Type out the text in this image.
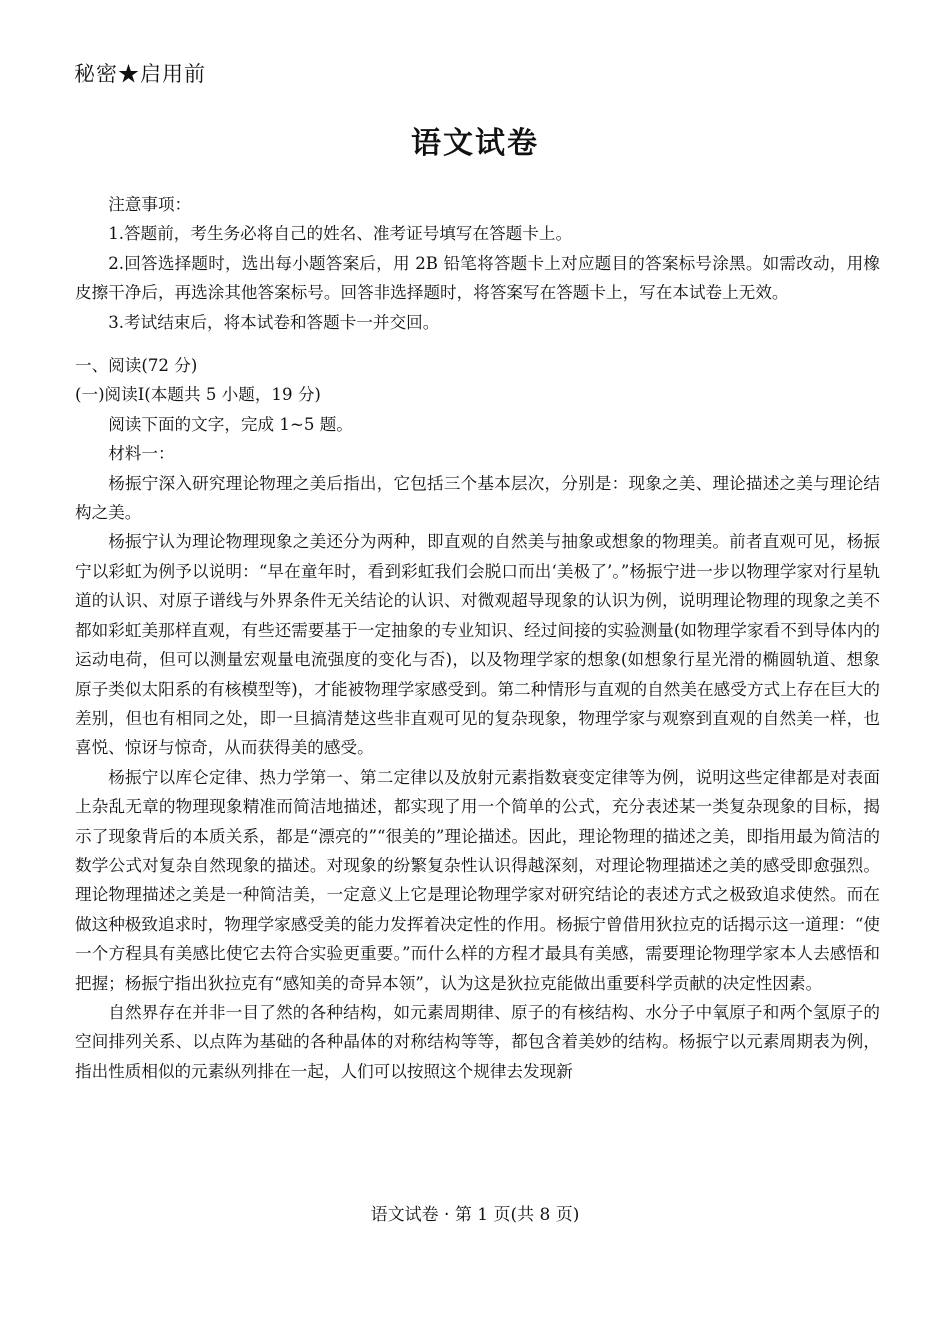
秘密★启用前
语文试卷

注意事项：

1.答题前，考生务必将自己的姓名、准考证号填写在答题卡上。

2.回答选择题时，选出每小题答案后，用 2B 铅笔将答题卡上对应题目的答案标号涂黑。如需改动，用橡皮擦干净后，再选涂其他答案标号。回答非选择题时，将答案写在答题卡上，写在本试卷上无效。

3.考试结束后，将本试卷和答题卡一并交回。

一、阅读(72 分)

(一)阅读Ⅰ(本题共 5 小题，19 分)

阅读下面的文字，完成 1~5 题。

材料一：

杨振宁深入研究理论物理之美后指出，它包括三个基本层次，分别是：现象之美、理论描述之美与理论结构之美。

杨振宁认为理论物理现象之美还分为两种，即直观的自然美与抽象或想象的物理美。前者直观可见，杨振宁以彩虹为例予以说明：“早在童年时，看到彩虹我们会脱口而出‘美极了’。”杨振宁进一步以物理学家对行星轨道的认识、对原子谱线与外界条件无关结论的认识、对微观超导现象的认识为例，说明理论物理的现象之美不都如彩虹美那样直观，有些还需要基于一定抽象的专业知识、经过间接的实验测量(如物理学家看不到导体内的运动电荷，但可以测量宏观量电流强度的变化与否)，以及物理学家的想象(如想象行星光滑的椭圆轨道、想象原子类似太阳系的有核模型等)，才能被物理学家感受到。第二种情形与直观的自然美在感受方式上存在巨大的差别，但也有相同之处，即一旦搞清楚这些非直观可见的复杂现象，物理学家与观察到直观的自然美一样，也喜悦、惊讶与惊奇，从而获得美的感受。

杨振宁以库仑定律、热力学第一、第二定律以及放射元素指数衰变定律等为例，说明这些定律都是对表面上杂乱无章的物理现象精准而简洁地描述，都实现了用一个简单的公式，充分表述某一类复杂现象的目标，揭示了现象背后的本质关系，都是“漂亮的”“很美的”理论描述。因此，理论物理的描述之美，即指用最为简洁的数学公式对复杂自然现象的描述。对现象的纷繁复杂性认识得越深刻，对理论物理描述之美的感受即愈强烈。理论物理描述之美是一种简洁美，一定意义上它是理论物理学家对研究结论的表述方式之极致追求使然。而在做这种极致追求时，物理学家感受美的能力发挥着决定性的作用。杨振宁曾借用狄拉克的话揭示这一道理：“使一个方程具有美感比使它去符合实验更重要。”而什么样的方程才最具有美感，需要理论物理学家本人去感悟和把握；杨振宁指出狄拉克有“感知美的奇异本领”，认为这是狄拉克能做出重要科学贡献的决定性因素。

自然界存在并非一目了然的各种结构，如元素周期律、原子的有核结构、水分子中氧原子和两个氢原子的空间排列关系、以点阵为基础的各种晶体的对称结构等等，都包含着美妙的结构。杨振宁以元素周期表为例，指出性质相似的元素纵列排在一起，人们可以按照这个规律去发现新

语文试卷 · 第 1 页(共 8 页)
